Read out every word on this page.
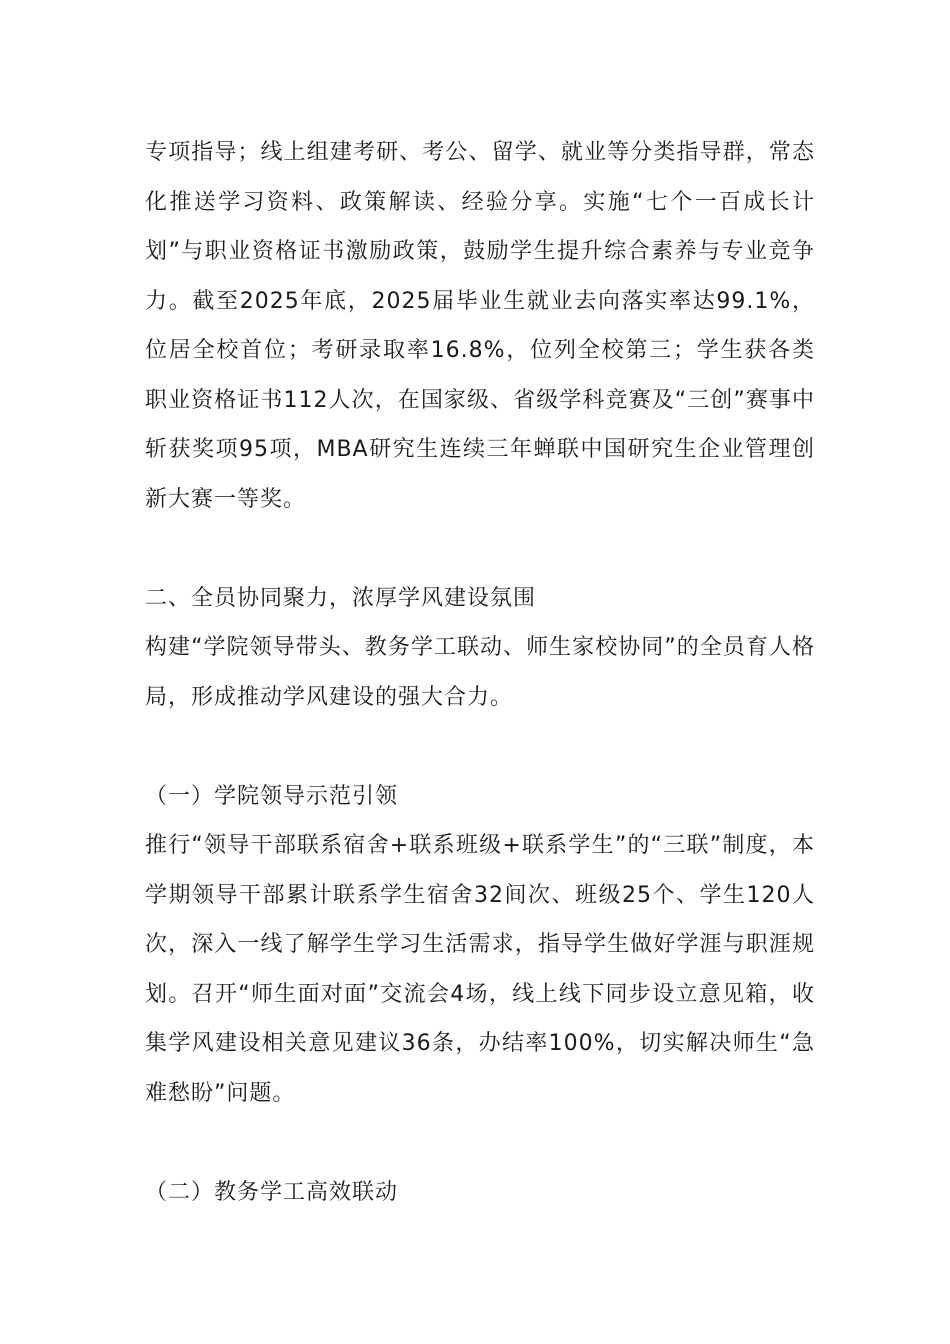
专项指导；线上组建考研、考公、留学、就业等分类指导群，常态化推送学习资料、政策解读、经验分享。实施“七个一百成长计划”与职业资格证书激励政策，鼓励学生提升综合素养与专业竞争力。截至2025年底，2025届毕业生就业去向落实率达99.1%，位居全校首位；考研录取率16.8%，位列全校第三；学生获各类职业资格证书112人次，在国家级、省级学科竞赛及“三创”赛事中斩获奖项95项，MBA研究生连续三年蝉联中国研究生企业管理创新大赛一等奖。

二、全员协同聚力，浓厚学风建设氛围

构建“学院领导带头、教务学工联动、师生家校协同”的全员育人格局，形成推动学风建设的强大合力。

（一）学院领导示范引领

推行“领导干部联系宿舍+联系班级+联系学生”的“三联”制度，本学期领导干部累计联系学生宿舍32间次、班级25个、学生120人次，深入一线了解学生学习生活需求，指导学生做好学涯与职涯规划。召开“师生面对面”交流会4场，线上线下同步设立意见箱，收集学风建设相关意见建议36条，办结率100%，切实解决师生“急难愁盼”问题。

（二）教务学工高效联动
